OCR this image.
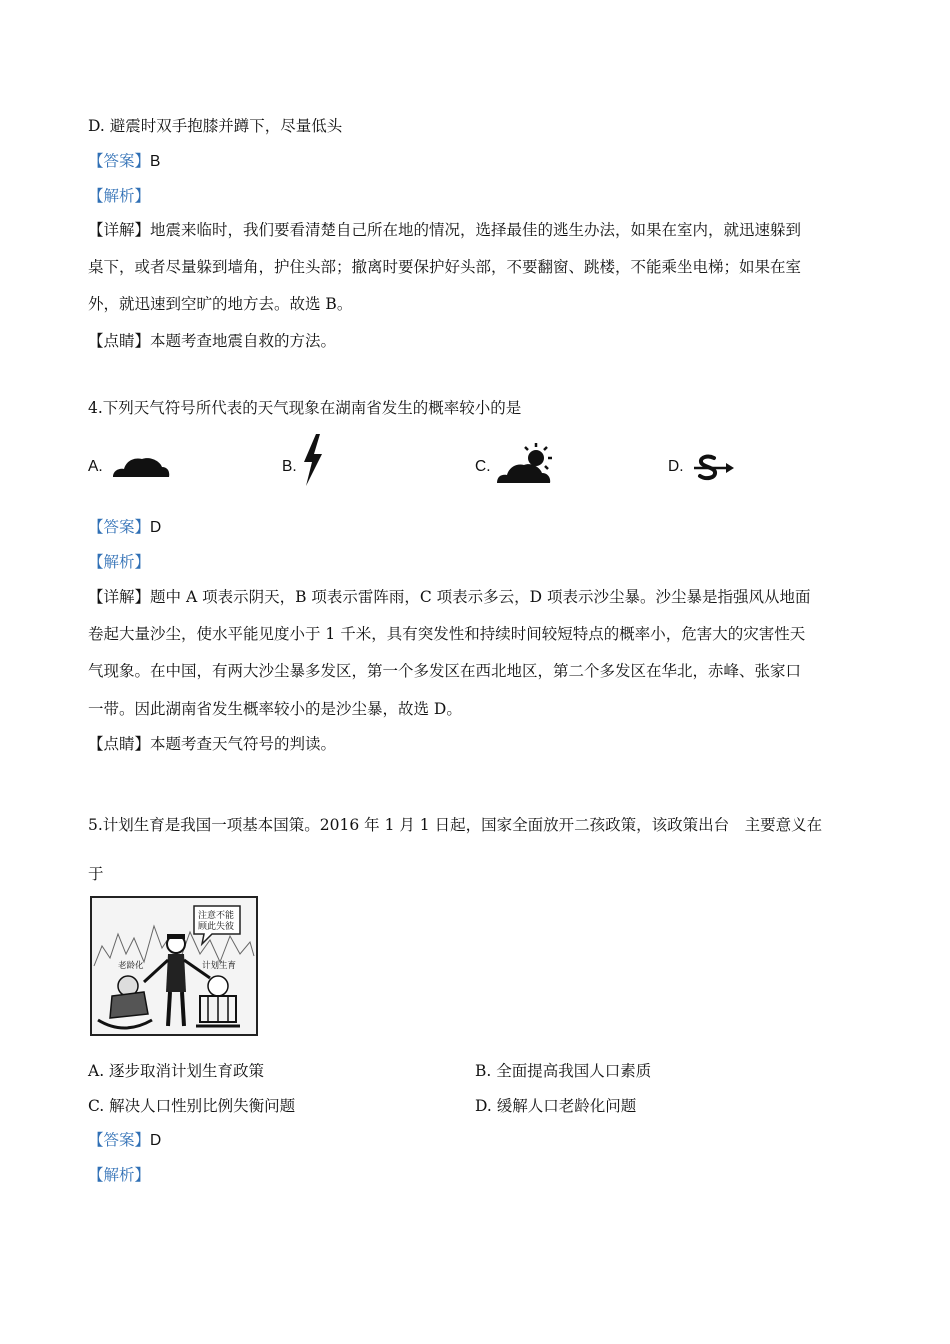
D. 避震时双手抱膝并蹲下，尽量低头
【答案】B
【解析】
【详解】地震来临时，我们要看清楚自己所在地的情况，选择最佳的逃生办法，如果在室内，就迅速躲到
桌下，或者尽量躲到墙角，护住头部；撤离时要保护好头部，不要翻窗、跳楼，不能乘坐电梯；如果在室
外，就迅速到空旷的地方去。故选 B。
【点睛】本题考查地震自救的方法。
4.下列天气符号所代表的天气现象在湖南省发生的概率较小的是
A.	B.	C.	D.
【答案】D
【解析】
【详解】题中 A 项表示阴天，B 项表示雷阵雨，C 项表示多云，D 项表示沙尘暴。沙尘暴是指强风从地面
卷起大量沙尘，使水平能见度小于 1 千米，具有突发性和持续时间较短特点的概率小，危害大的灾害性天
气现象。在中国，有两大沙尘暴多发区，第一个多发区在西北地区，第二个多发区在华北，赤峰、张家口
一带。因此湖南省发生概率较小的是沙尘暴，故选 D。
【点睛】本题考查天气符号的判读。
5.计划生育是我国一项基本国策。2016 年 1 月 1 日起，国家全面放开二孩政策，该政策出台　主要意义在
于
注意不能
顾此失彼
老龄化	计划生育
A. 逐步取消计划生育政策	B. 全面提高我国人口素质
C. 解决人口性别比例失衡问题	D. 缓解人口老龄化问题
【答案】D
【解析】
